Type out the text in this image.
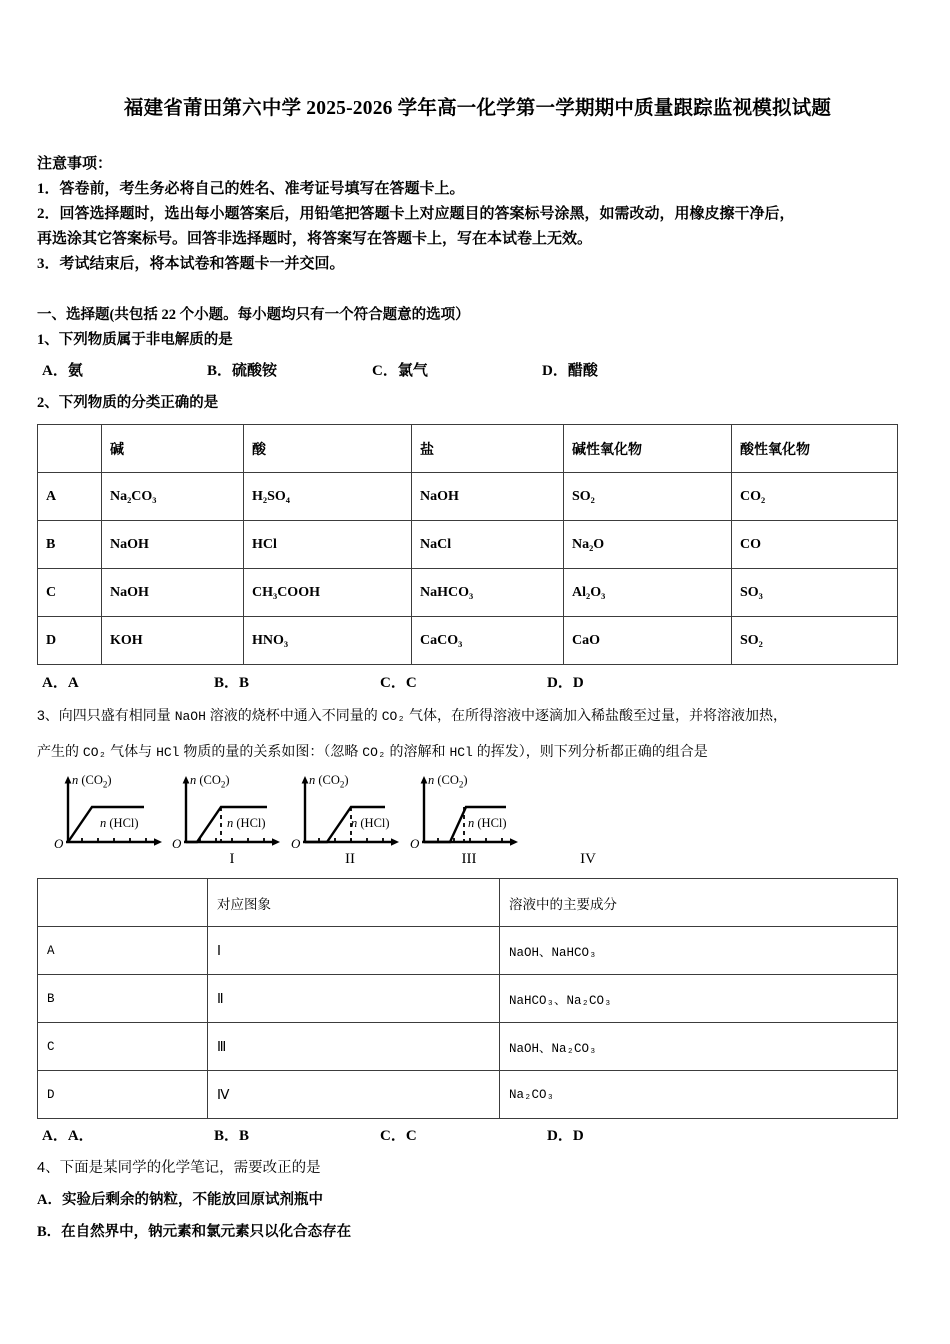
福建省莆田第六中学 2025-2026 学年高一化学第一学期期中质量跟踪监视模拟试题
注意事项：
1．答卷前，考生务必将自己的姓名、准考证号填写在答题卡上。
2．回答选择题时，选出每小题答案后，用铅笔把答题卡上对应题目的答案标号涂黑，如需改动，用橡皮擦干净后，
再选涂其它答案标号。回答非选择题时，将答案写在答题卡上，写在本试卷上无效。
3．考试结束后，将本试卷和答题卡一并交回。
一、选择题(共包括 22 个小题。每小题均只有一个符合题意的选项）
1、下列物质属于非电解质的是
A．氨	B．硫酸铵	C．氯气	D．醋酸
2、下列物质的分类正确的是
	碱	酸	盐	碱性氧化物	酸性氧化物
A	Na₂CO₃	H₂SO₄	NaOH	SO₂	CO₂
B	NaOH	HCl	NaCl	Na₂O	CO
C	NaOH	CH₃COOH	NaHCO₃	Al₂O₃	SO₃
D	KOH	HNO₃	CaCO₃	CaO	SO₂
A．A	B．B	C．C	D．D
3、向四只盛有相同量 NaOH 溶液的烧杯中通入不同量的 CO₂ 气体，在所得溶液中逐滴加入稀盐酸至过量，并将溶液加热，
产生的 CO₂ 气体与 HCl 物质的量的关系如图：（忽略 CO₂ 的溶解和 HCl 的挥发），则下列分析都正确的组合是
O
n $(CO_2)$
n (HCl)
I
O
n $(CO_2)$
n (HCl)
II
O
n $(CO_2)$
n (HCl)
III
O
n $(CO_2)$
n (HCl)
IV
	对应图象	溶液中的主要成分
A	Ⅰ	NaOH、NaHCO₃
B	Ⅱ	NaHCO₃、Na₂CO₃
C	Ⅲ	NaOH、Na₂CO₃
D	Ⅳ	Na₂CO₃
A．A．	B．B	C．C	D．D
4、下面是某同学的化学笔记，需要改正的是
A．实验后剩余的钠粒，不能放回原试剂瓶中
B．在自然界中，钠元素和氯元素只以化合态存在
